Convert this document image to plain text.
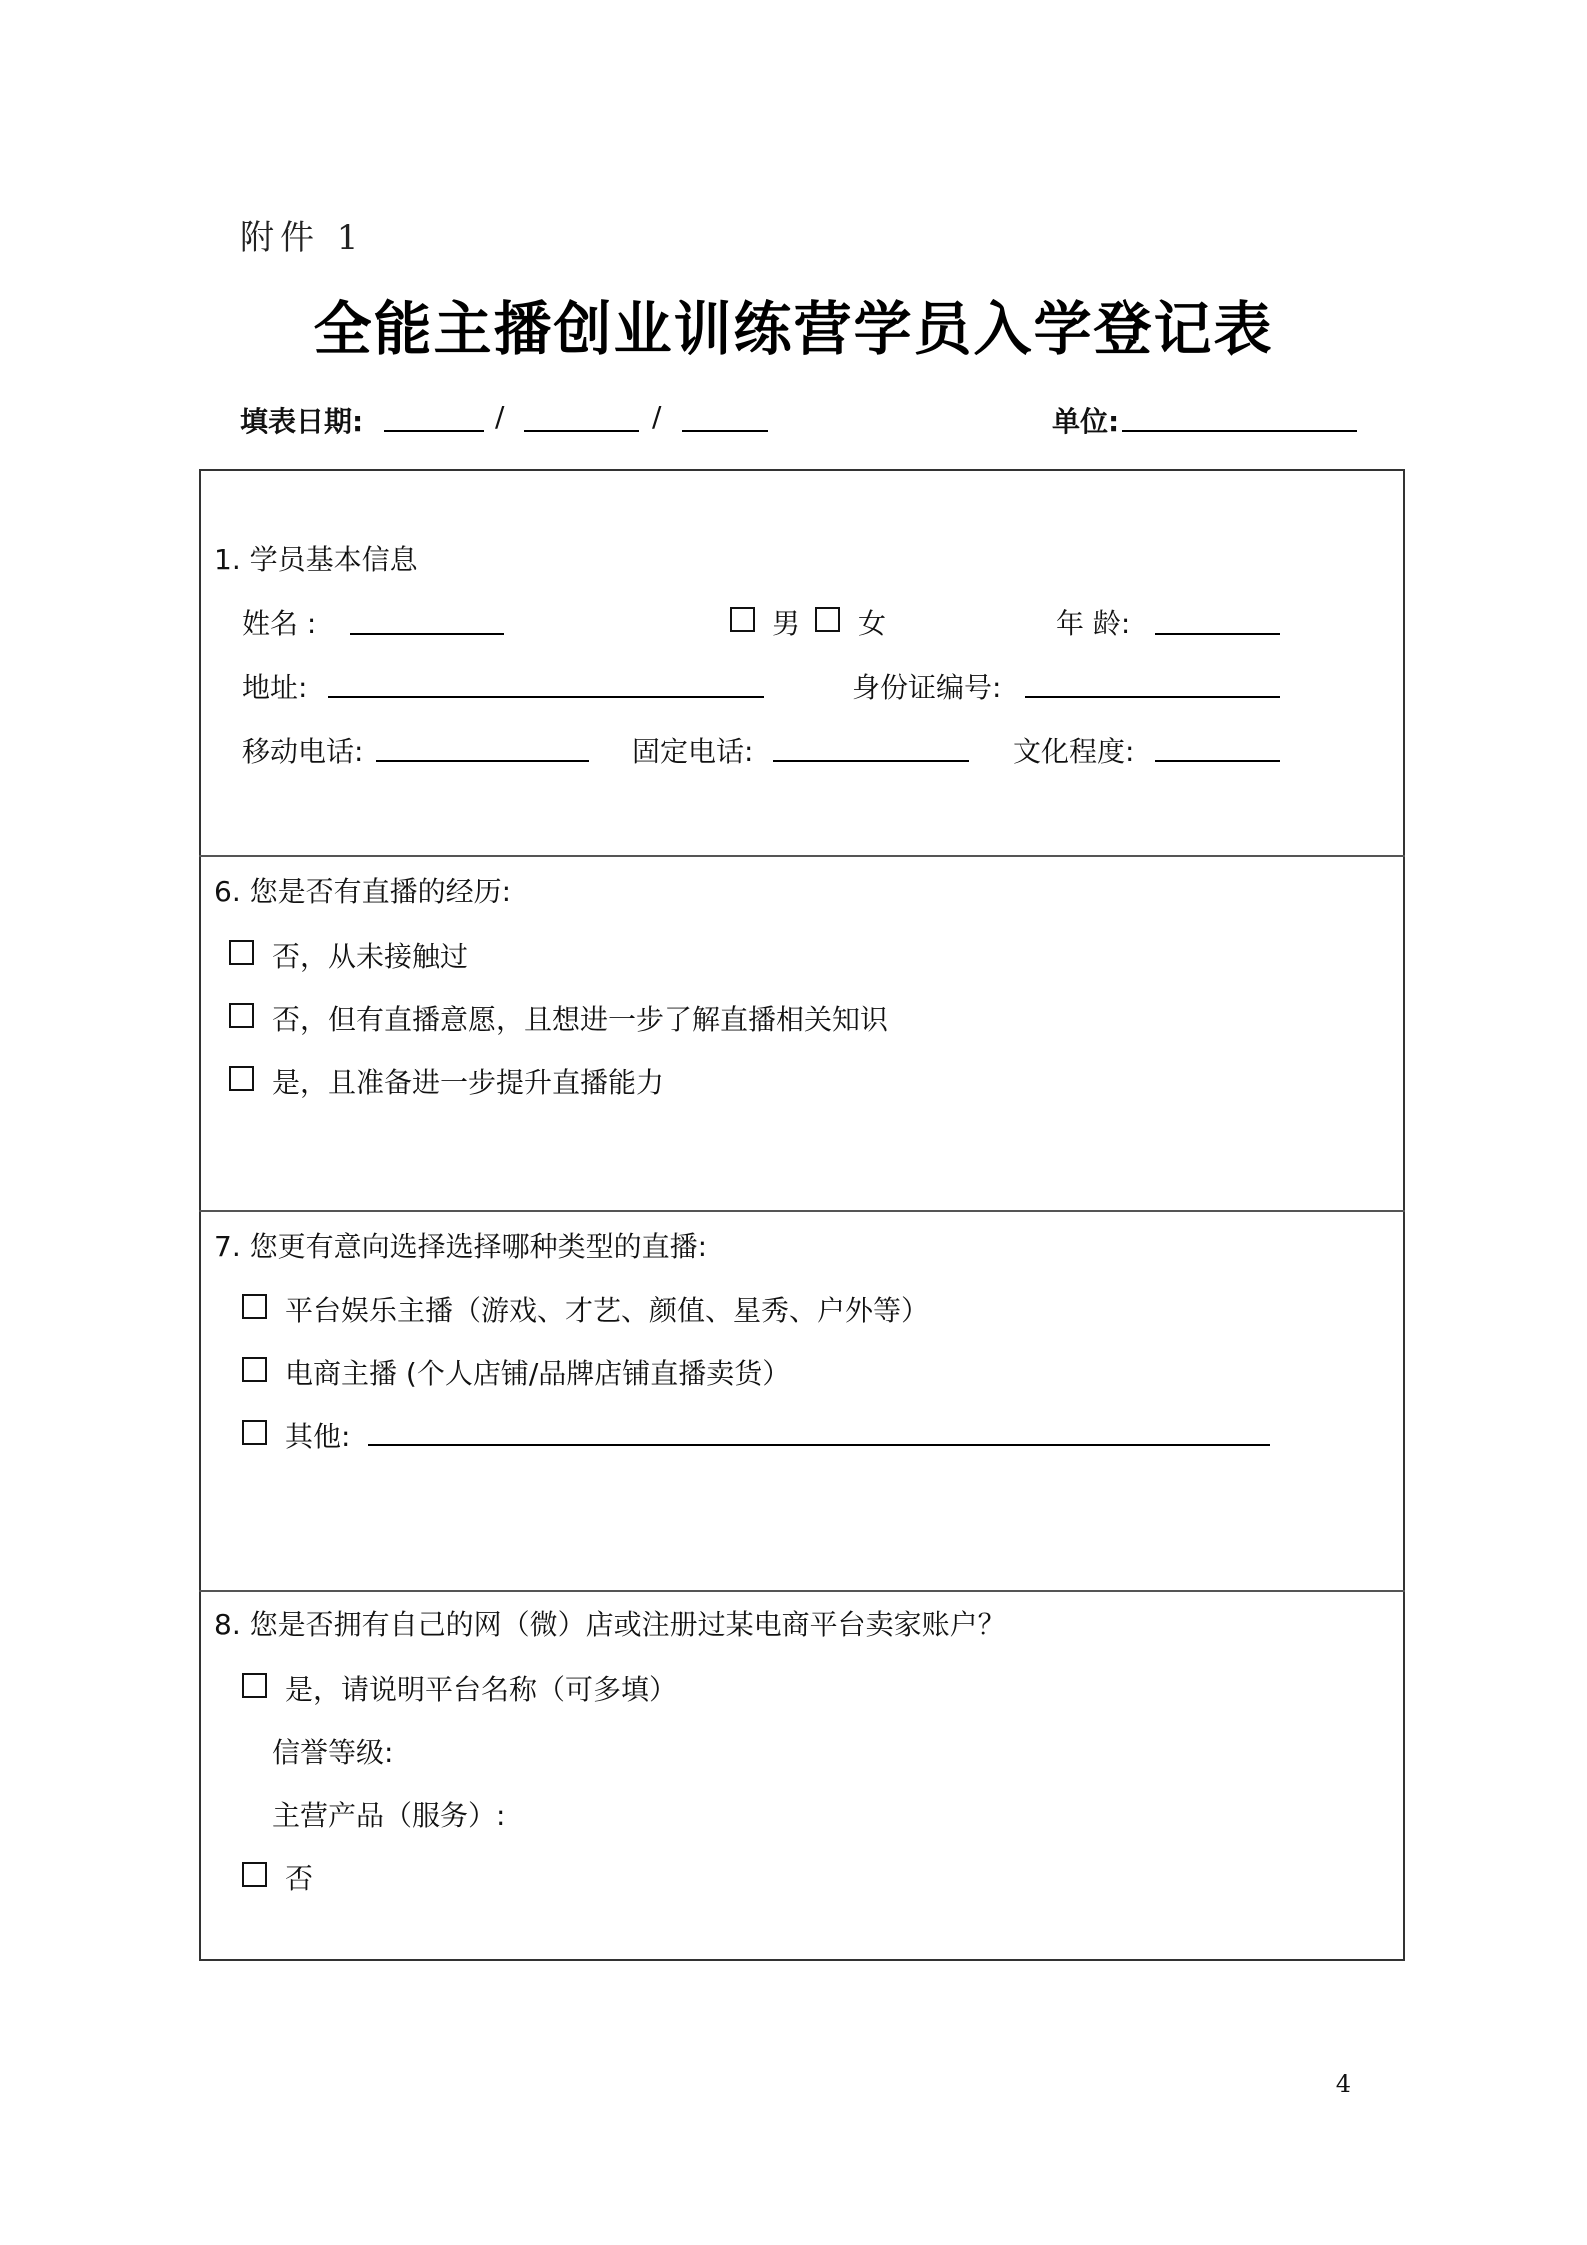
附件 1
全能主播创业训练营学员入学登记表
填表日期:	/	/	单位:
1. 学员基本信息
姓名 :	男 女	年 龄:
地址:	身份证编号:
移动电话:	固定电话:	文化程度:
6. 您是否有直播的经历:
否，从未接触过
否，但有直播意愿，且想进一步了解直播相关知识
是，且准备进一步提升直播能力
7. 您更有意向选择选择哪种类型的直播:
平台娱乐主播（游戏、才艺、颜值、星秀、户外等）
电商主播 (个人店铺/品牌店铺直播卖货）
其他:
8. 您是否拥有自己的网（微）店或注册过某电商平台卖家账户？
是，请说明平台名称（可多填）
信誉等级:
主营产品（服务）:
否
4
